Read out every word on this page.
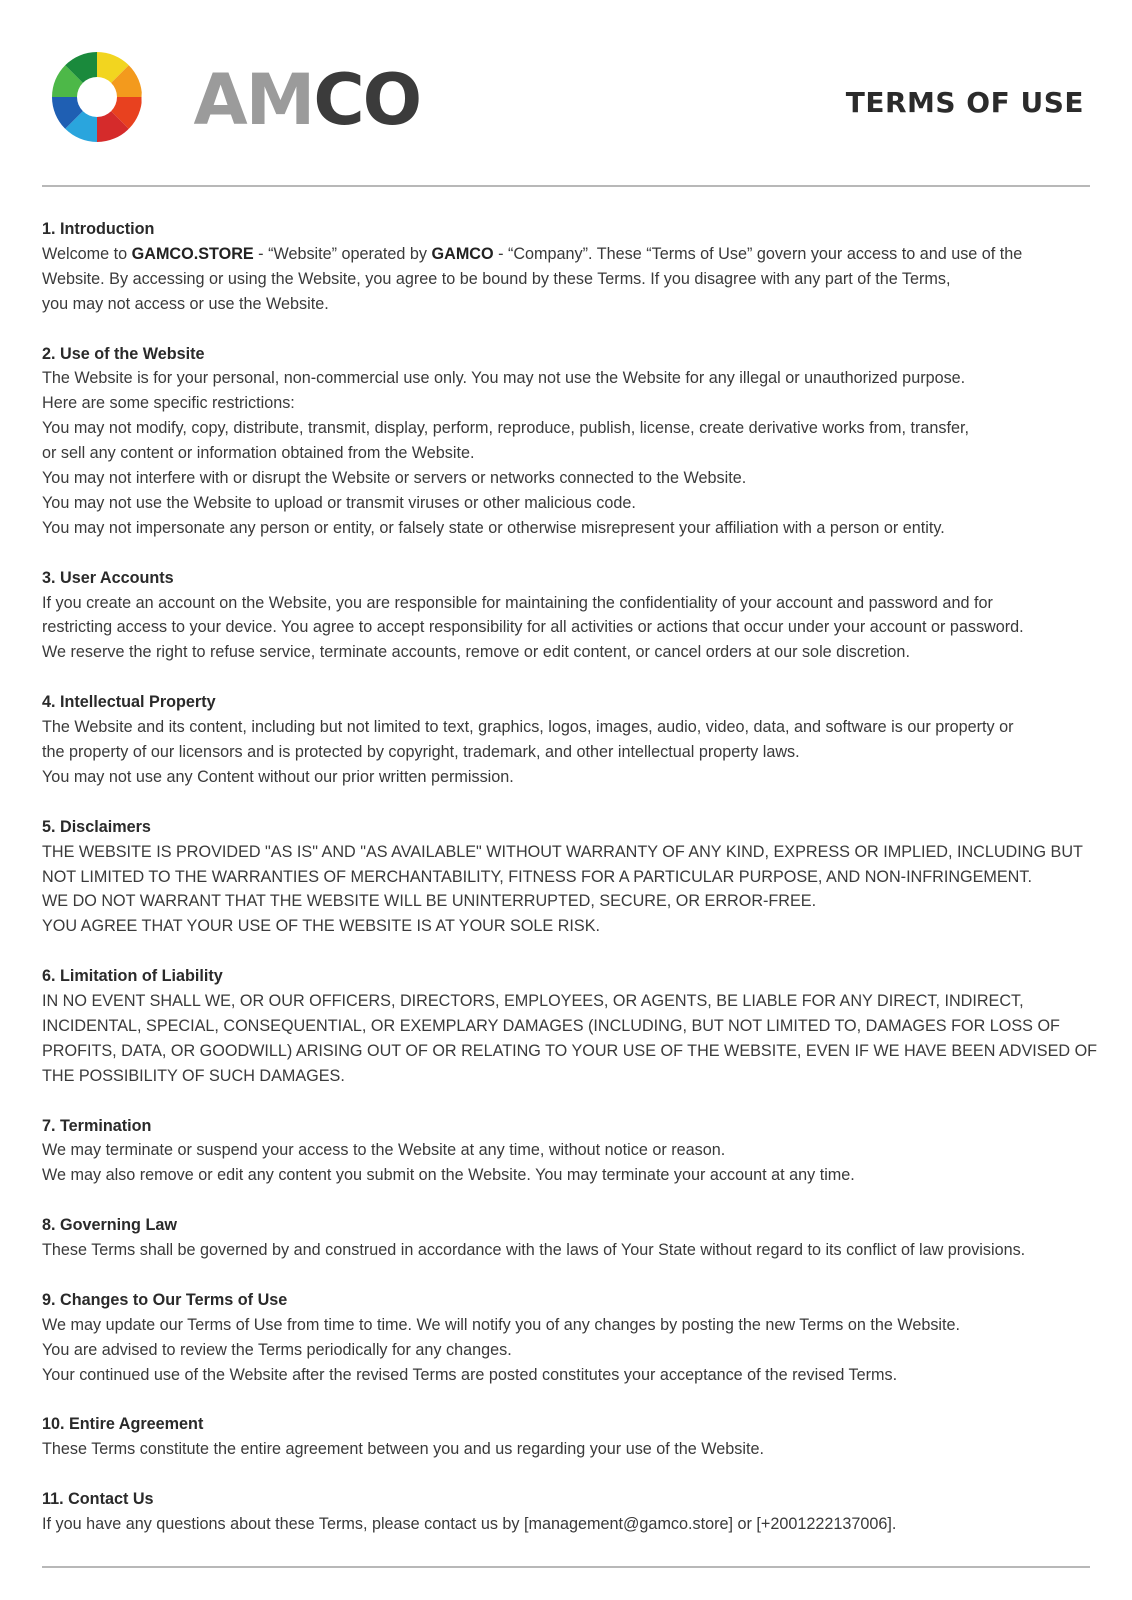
GAMCO	TERMS OF USE
1. Introduction

Welcome to GAMCO.STORE - “Website” operated by GAMCO - “Company”. These “Terms of Use” govern your access to and use of the

Website. By accessing or using the Website, you agree to be bound by these Terms. If you disagree with any part of the Terms,

you may not access or use the Website.

2. Use of the Website

The Website is for your personal, non-commercial use only. You may not use the Website for any illegal or unauthorized purpose.

Here are some specific restrictions:

You may not modify, copy, distribute, transmit, display, perform, reproduce, publish, license, create derivative works from, transfer,

or sell any content or information obtained from the Website.

You may not interfere with or disrupt the Website or servers or networks connected to the Website.

You may not use the Website to upload or transmit viruses or other malicious code.

You may not impersonate any person or entity, or falsely state or otherwise misrepresent your affiliation with a person or entity.

3. User Accounts

If you create an account on the Website, you are responsible for maintaining the confidentiality of your account and password and for

restricting access to your device. You agree to accept responsibility for all activities or actions that occur under your account or password.

We reserve the right to refuse service, terminate accounts, remove or edit content, or cancel orders at our sole discretion.

4. Intellectual Property

The Website and its content, including but not limited to text, graphics, logos, images, audio, video, data, and software is our property or

the property of our licensors and is protected by copyright, trademark, and other intellectual property laws.

You may not use any Content without our prior written permission.

5. Disclaimers

THE WEBSITE IS PROVIDED "AS IS" AND "AS AVAILABLE" WITHOUT WARRANTY OF ANY KIND, EXPRESS OR IMPLIED, INCLUDING BUT

NOT LIMITED TO THE WARRANTIES OF MERCHANTABILITY, FITNESS FOR A PARTICULAR PURPOSE, AND NON-INFRINGEMENT.

WE DO NOT WARRANT THAT THE WEBSITE WILL BE UNINTERRUPTED, SECURE, OR ERROR-FREE.

YOU AGREE THAT YOUR USE OF THE WEBSITE IS AT YOUR SOLE RISK.

6. Limitation of Liability

IN NO EVENT SHALL WE, OR OUR OFFICERS, DIRECTORS, EMPLOYEES, OR AGENTS, BE LIABLE FOR ANY DIRECT, INDIRECT,

INCIDENTAL, SPECIAL, CONSEQUENTIAL, OR EXEMPLARY DAMAGES (INCLUDING, BUT NOT LIMITED TO, DAMAGES FOR LOSS OF

PROFITS, DATA, OR GOODWILL) ARISING OUT OF OR RELATING TO YOUR USE OF THE WEBSITE, EVEN IF WE HAVE BEEN ADVISED OF

THE POSSIBILITY OF SUCH DAMAGES.

7. Termination

We may terminate or suspend your access to the Website at any time, without notice or reason.

We may also remove or edit any content you submit on the Website. You may terminate your account at any time.

8. Governing Law

These Terms shall be governed by and construed in accordance with the laws of Your State without regard to its conflict of law provisions.

9. Changes to Our Terms of Use

We may update our Terms of Use from time to time. We will notify you of any changes by posting the new Terms on the Website.

You are advised to review the Terms periodically for any changes.

Your continued use of the Website after the revised Terms are posted constitutes your acceptance of the revised Terms.

10. Entire Agreement

These Terms constitute the entire agreement between you and us regarding your use of the Website.

11. Contact Us

If you have any questions about these Terms, please contact us by [management@gamco.store] or [+2001222137006].
